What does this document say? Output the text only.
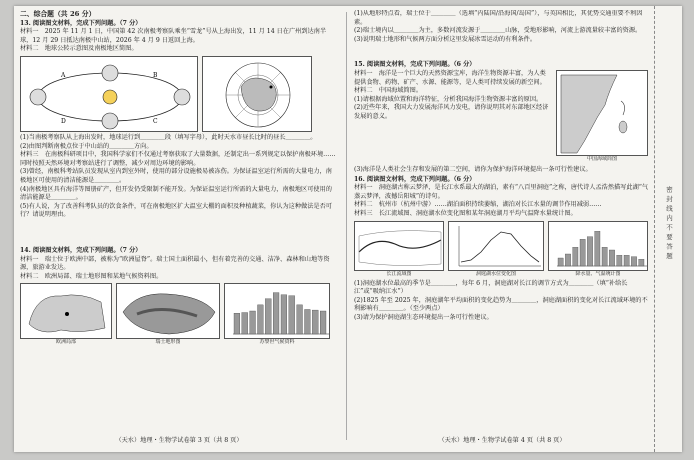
二、综合题（共 26 分）
13. 阅读图文材料，完成下列问题。（7 分）
材料一　2025 年 11 月 1 日，中国第 42 次南极考察队乘坐“雪龙”号从上海出发，11 月 14 日在广州到达南半球，12 月 29 日抵达南极中山站，2026 年 4 月 9 日返回上海。
材料二　地球公转示意图及南极地区简图。
A	B
C
D
(1)当南极考察队从上海出发时，地球运行到＿＿＿＿段（填写字母），此时天水市昼长比时的昼长＿＿＿＿。
(2)由图判断南极点位于中山站的＿＿＿＿方向。
材料三　在南极科研项目中，我国科学家们不仅通过考察获取了大量数据，还制定出一系列规定以保护南极环境……同时按照天然环境对考察站进行了调整，减少对周边环境的影响。
(3)曾经，南极科考站队员发现从室内到室外时，使用的部分设施极易被冻伤。为保证温室运行所需的大量电力，南极地区可使用的清洁能源是＿＿＿＿。
(4)南极地区具有海洋等图册矿产，但开发仍受限制不能开发。为保证温室运行所需的大量电力，南极地区可使用的清洁能源是＿＿＿＿。
(5)有人说，为了改善科考队员的饮食条件，可在南极地区扩大温室大棚的面积及种植蔬菜，你认为这种做法是否可行？请说明理由。
14. 阅读图文材料，完成下列问题。（7 分）
材料一　瑞士位于欧洲中部，被称为“欧洲屋脊”。瑞士国土面积最小，但有着完善的交通、洁净、森林和山地等资源，旅游业发达。
材料二　欧洲局部、瑞士地形图和某地气候资料图。
欧洲局部	瑞士地形图	苏黎世气候资料
（天水）地理・生物学试卷第 3 页（共 8 页）
(1)从地形特点看，瑞士位于＿＿＿＿（选填“内陆国/沿海国/岛国”），与英国相比，其优势交通重要不利因素。
(2)瑞士境内以＿＿＿＿为主，多数河流发源于＿＿＿＿山脉，受地形影响，河流上游流量较丰富的资源。
(3)说明瑞士地形和气候两方面分析这里发展冰雪运动的有利条件。
15. 阅读图文材料，完成下列问题。（6 分）
材料一　海洋是一个巨大的天然资源宝库，海洋生物资源丰富，为人类提供食物、药物、矿产、水源、能源等，是人类可持续发展的新空间。
材料二　中国海域简图。
(1)请根据海域位置和海洋特征，分析我国海洋生物资源丰富的原因。
(2)近些年来，我国大力发展海洋风力发电，请你说明其对东部地区经济发展的意义。
中国海域简图
(3)海洋是人类社会生存和发展的第二空间，请你为保护海洋环境提出一条可行性建议。
16. 阅读图文材料，完成下列问题。（6 分）
材料一　洞庭湖古称云梦泽，是长江水系最大的湖泊，素有“八百里洞庭”之称，唐代诗人孟浩然描写此湖“气蒸云梦泽，波撼岳阳城”的诗句。
材料二　杭州市（杭州中游）……湖泊面积持续萎缩，湖泊对长江水量的调节作用减弱……
材料三　长江流域图、洞庭湖水位变化图和某年洞庭湖月平均气温降水量统计图。
长江流域图	洞庭湖水位变化图	降水量、气温统计图
(1)洞庭湖水位最高的季节是＿＿＿＿，每年 6 月，洞庭湖对长江的调节方式为＿＿＿＿（填“补给长江”或“吸纳江水”）
(2)1825 年至 2025 年，洞庭湖年平均面积的变化趋势为＿＿＿＿，洞庭湖面积的变化对长江流域环境的不利影响有＿＿＿＿。（至少两点）
(3)请为保护洞庭湖生态环境提出一条可行性建议。
（天水）地理・生物学试卷第 4 页（共 8 页）
密封线内不要答题
